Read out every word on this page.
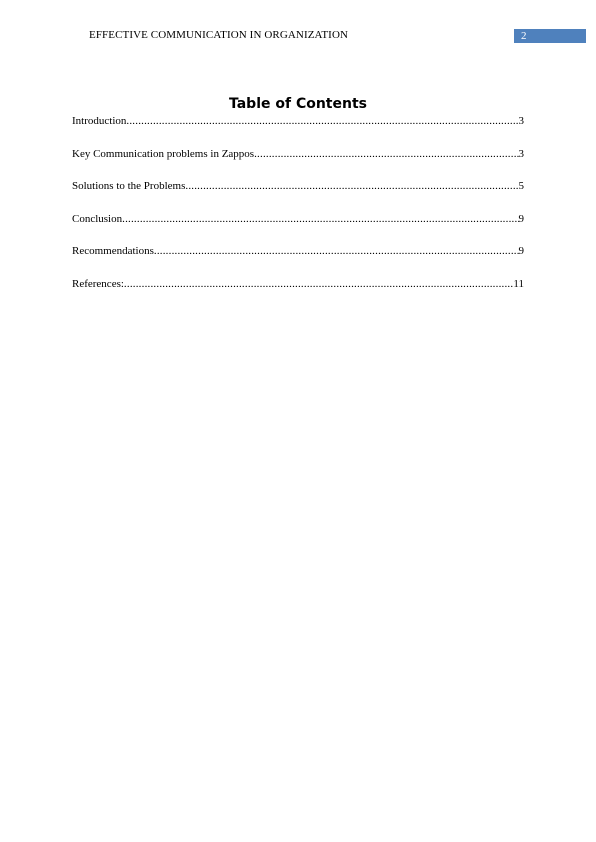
EFFECTIVE COMMUNICATION IN ORGANIZATION	2
Table of Contents
Introduction .....	3
Key Communication problems in Zappos .....	3
Solutions to the Problems .....	5
Conclusion .....	9
Recommendations .....	9
References: .....	11
